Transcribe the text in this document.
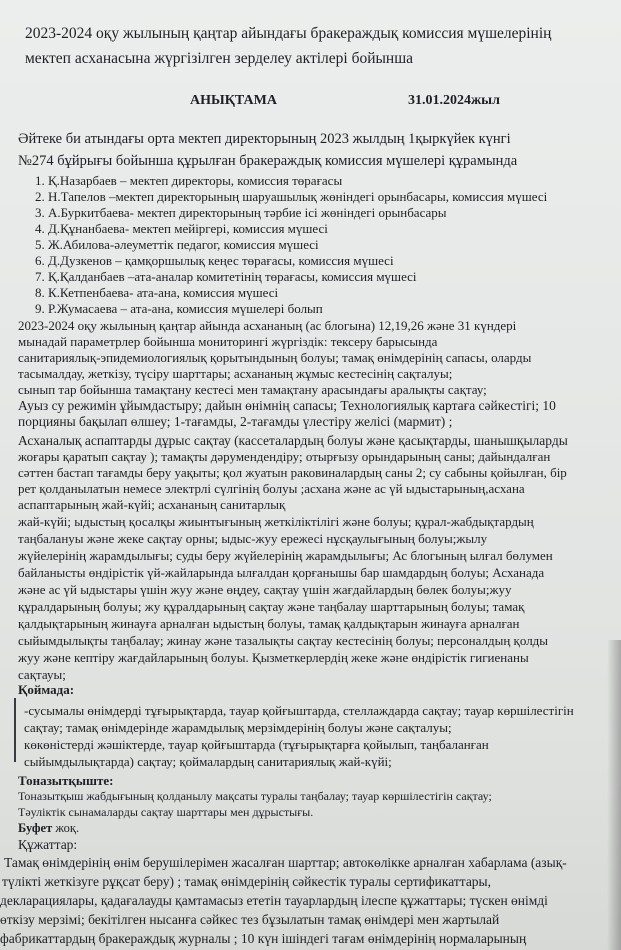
2023-2024 оқу жылының қаңтар айындағы бракераждық комиссия мүшелерінің
мектеп асханасына жүргізілген зерделеу актілері бойынша
АНЫҚТАМА	31.01.2024жыл
Әйтеке би атындағы орта мектеп директорының 2023 жылдың 1қыркүйек күнгі
№274 бұйрығы бойынша құрылған бракераждық комиссия мүшелері құрамында
1. Қ.Назарбаев – мектеп директоры, комиссия төрағасы
2. Н.Тапелов –мектеп директорының шаруашылық жөніндегі орынбасары, комиссия мүшесі
3. А.Буркитбаева- мектеп директорының тәрбие ісі жөніндегі орынбасары
4. Д.Құнанбаева- мектеп мейіргері, комиссия мүшесі
5. Ж.Абилова-әлеуметтік педагог, комиссия мүшесі
6. Д.Дузкенов – қамқоршылық кеңес төрағасы, комиссия мүшесі
7. Қ.Қалданбаев –ата-аналар комитетінің төрағасы, комиссия мүшесі
8. К.Кетпенбаева- ата-ана, комиссия мүшесі
9. Р.Жумасаева – ата-ана, комиссия мүшелері болып
2023-2024 оқу жылының қаңтар айында асхананың (ас блогына) 12,19,26 және 31 күндері
мынадай параметрлер бойынша мониторингі жүргіздік: тексеру барысында
санитариялық-эпидемиологиялық қорытындының болуы; тамақ өнімдерінің сапасы, оларды
тасымалдау, жеткізу, түсіру шарттары; асхананың жұмыс кестесінің сақталуы;
сынып тар бойынша тамақтану кестесі мен тамақтану арасындағы аралықты сақтау;
Ауыз су режимін ұйымдастыру; дайын өнімнің сапасы; Технологиялық картаға сәйкестігі; 10
порцияны бақылап өлшеу; 1-тағамды, 2-тағамды үлестіру желісі (мармит) ;
Асханалық аспаптарды дұрыс сақтау (кассеталардың болуы және қасықтарды, шанышқыларды
жоғары қаратып сақтау ); тамақты дәрумендендіру; отырғызу орындарының саны; дайындалған
сәттен бастап тағамды беру уақыты; қол жуатын раковиналардың саны 2; су сабыны қойылған, бір
рет қолданылатын немесе электрлі сүлгінің болуы ;асхана және ас үй ыдыстарының,асхана
аспаптарының жай-күйі; асхананың санитарлық
жай-күйі; ыдыстың қосалқы жиынтығының жеткіліктілігі және болуы; құрал-жабдықтардың
таңбалануы және жеке сақтау орны; ыдыс-жуу ережесі нұсқаулығының болуы;жылу
жүйелерінің жарамдылығы; суды беру жүйелерінің жарамдылығы; Ас блогының ылғал бөлумен
байланысты өндірістік үй-жайларында ылғалдан қорғанышы бар шамдардың болуы; Асханада
және ас үй ыдыстары үшін жуу және өңдеу, сақтау үшін жағдайлардың бөлек болуы;жуу
құралдарының болуы; жу құралдарының сақтау және таңбалау шарттарының болуы; тамақ
қалдықтарының жинауға арналған ыдыстың болуы, тамақ қалдықтарын жинауға арналған
сыйымдылықты таңбалау; жинау және тазалықты сақтау кестесінің болуы; персоналдың қолды
жуу және кептіру жағдайларының болуы. Қызметкерлердің жеке және өндірістік гигиенаны
сақтауы;
Қоймада:
-сусымалы өнімдерді тұғырықтарда, тауар қойғыштарда, стеллаждарда сақтау; тауар көршілестігін
сақтау; тамақ өнімдерінде жарамдылық мерзімдерінің болуы және сақталуы;
көкөністерді жәшіктерде, тауар қойғыштарда (тұғырықтарға қойылып, таңбаланған
сыйымдылықтарда) сақтау; қоймалардың санитариялық жай-күйі;
Тоназытқыште:
Тоназытқыш жабдығының қолданылу мақсаты туралы таңбалау; тауар көршілестігін сақтау;
Тәуліктік сынамаларды сақтау шарттары мен дұрыстығы.
Буфет жоқ.
Құжаттар:
Тамақ өнімдерінің өнім берушілерімен жасалған шарттар; автокөлікке арналған хабарлама (азық-
түлікті жеткізуге рұқсат беру) ; тамақ өнімдерінің сәйкестік туралы сертификаттары,
декларациялары, қадағалауды қамтамасыз ететін тауарлардың ілеспе құжаттары; түскен өнімді
өткізу мерзімі; бекітілген нысанға сәйкес тез бұзылатын тамақ өнімдері мен жартылай
фабрикаттардың бракераждық журналы ; 10 күн ішіндегі тағам өнімдерінің нормаларының
